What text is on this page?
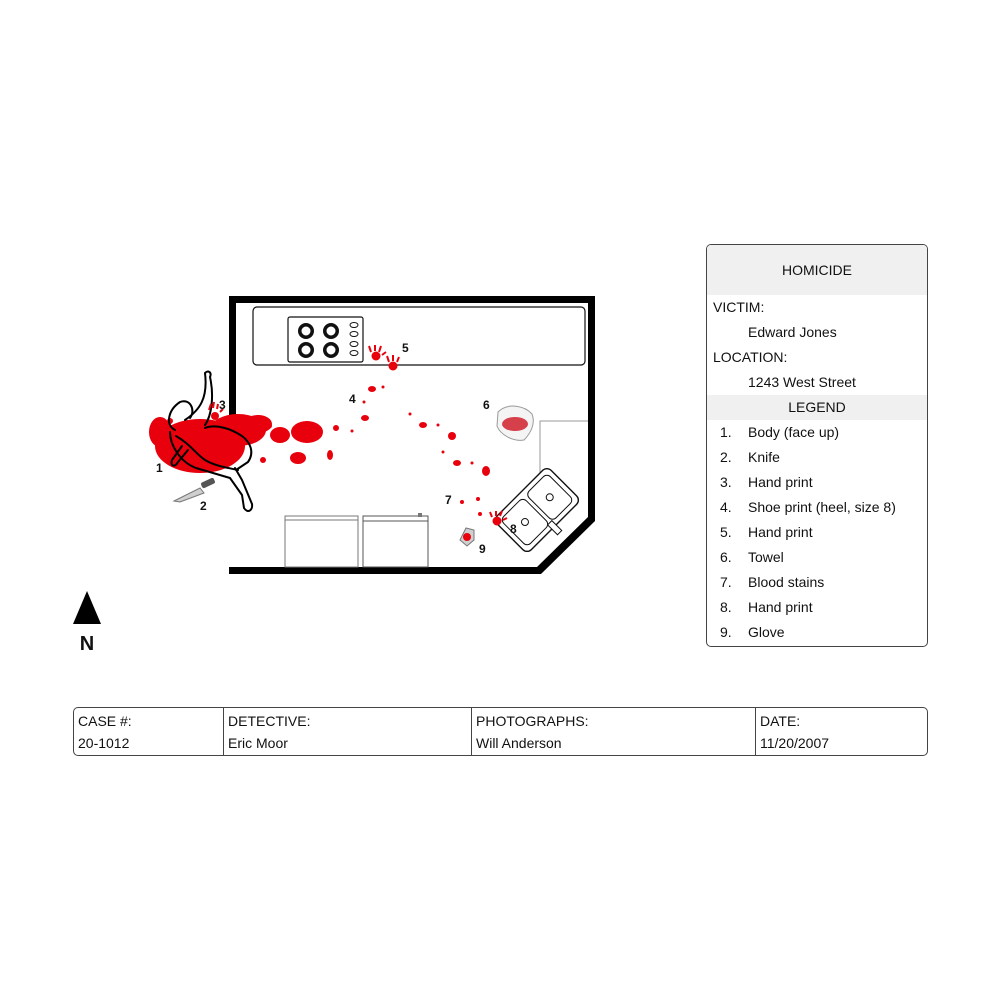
1
2
3	4
5
6
7
8
9
N
HOMICIDE
VICTIM:
Edward Jones
LOCATION:
1243 West Street
LEGEND
1.	Body (face up)
2.	Knife
3.	Hand print
4.	Shoe print (heel, size 8)
5.	Hand print
6.	Towel
7.	Blood stains
8.	Hand print
9.	Glove
CASE #:
20-1012
DETECTIVE:
Eric Moor
PHOTOGRAPHS:
Will Anderson
DATE:
11/20/2007
